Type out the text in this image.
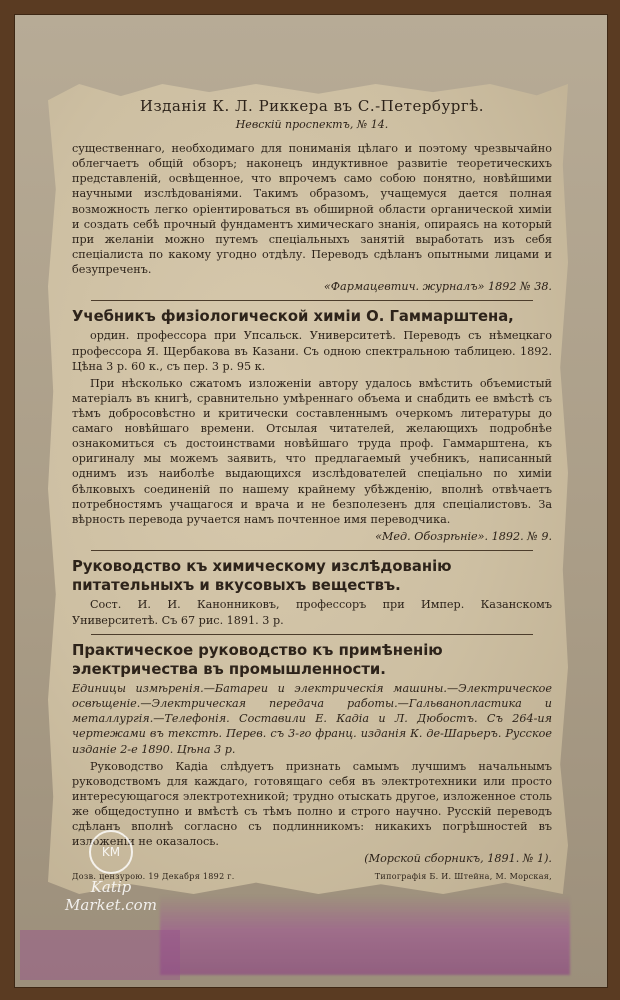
Изданія К. Л. Риккера въ С.-Петербургѣ.
Невскій проспектъ, № 14.

существеннаго, необходимаго для пониманія цѣлаго и поэтому чрезвычайно облегчаетъ общій обзоръ; наконецъ индуктивное развитіе теоретическихъ представленій, освѣщенное, что впрочемъ само собою понятно, новѣйшими научными изслѣдованіями. Такимъ образомъ, учащемуся дается полная возможность легко оріентироваться въ обширной области органической химіи и создать себѣ прочный фундаментъ химическаго знанія, опираясь на который при желаніи можно путемъ спеціальныхъ занятій выработать изъ себя спеціалиста по какому угодно отдѣлу. Переводъ сдѣланъ опытными лицами и безупреченъ.

«Фармацевтич. журналъ» 1892 № 38.
Учебникъ физіологической химіи О. Гаммарштена,

ордин. профессора при Упсальск. Университетѣ. Переводъ съ нѣмецкаго профессора Я. Щербакова въ Казани. Съ одною спектральною таблицею. 1892. Цѣна 3 р. 60 к., съ пер. 3 р. 95 к.

При нѣсколько сжатомъ изложеніи автору удалось вмѣстить объемистый матеріалъ въ книгѣ, сравнительно умѣреннаго объема и снабдить ее вмѣстѣ съ тѣмъ добросовѣстно и критически составленнымъ очеркомъ литературы до самаго новѣйшаго времени. Отсылая читателей, желающихъ подробнѣе ознакомиться съ достоинствами новѣйшаго труда проф. Гаммарштена, къ оригиналу мы можемъ заявить, что предлагаемый учебникъ, написанный однимъ изъ наиболѣе выдающихся изслѣдователей спеціально по химіи бѣлковыхъ соединеній по нашему крайнему убѣжденію, вполнѣ отвѣчаетъ потребностямъ учащагося и врача и не безполезенъ для спеціалистовъ. За вѣрность перевода ручается намъ почтенное имя переводчика.

«Мед. Обозрѣніе». 1892. № 9.
Руководство къ химическому изслѣдованію питательныхъ и вкусовыхъ веществъ.

Сост. И. И. Канонниковъ, профессоръ при Импер. Казанскомъ Университетѣ. Съ 67 рис. 1891. 3 р.

Практическое руководство къ примѣненію электричества въ промышленности.

Единицы измѣренія.—Батареи и электрическія машины.—Электрическое освѣщеніе.—Электрическая передача работы.—Гальванопластика и металлургія.—Телефонія. Составили Е. Кадіа и Л. Дюбостъ. Съ 264-ия чертежами въ текстѣ. Перев. съ 3-го франц. изданія К. де-Шарьеръ. Русское изданіе 2-е 1890. Цѣна 3 р.

Руководство Кадіа слѣдуетъ признать самымъ лучшимъ начальнымъ руководствомъ для каждаго, готовящаго себя въ электротехники или просто интересующагося электротехникой; трудно отыскать другое, изложенное столь же общедоступно и вмѣстѣ съ тѣмъ полно и строго научно. Русскій переводъ сдѣланъ вполнѣ согласно съ подлинникомъ: никакихъ погрѣшностей въ изложеніи не оказалось.

(Морской сборникъ, 1891. № 1).
Дозв. цензурою. 19 Декабря 1892 г.	Типографія Б. И. Штейна, М. Морская,
KM
Katip Market.com
